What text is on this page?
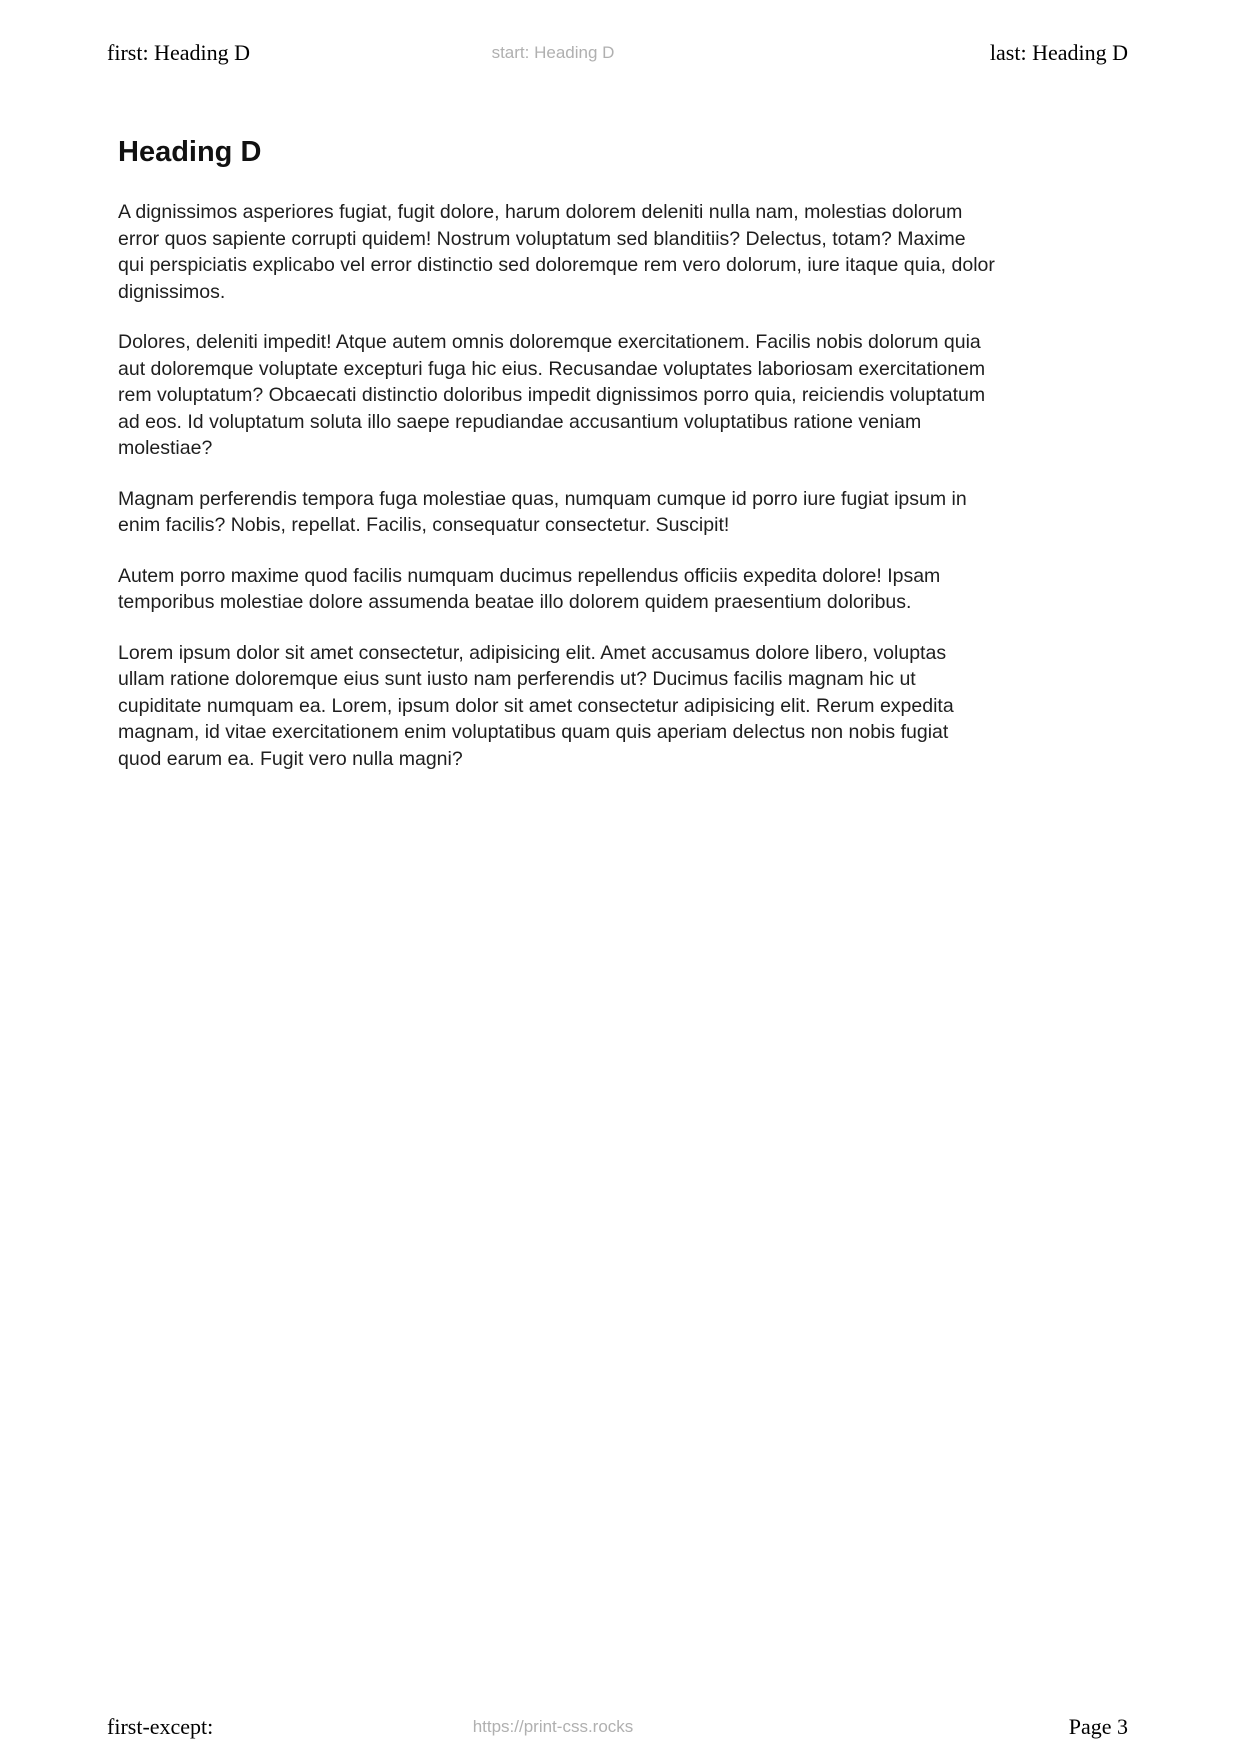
first: Heading D	start: Heading D	last: Heading D
Heading D

A dignissimos asperiores fugiat, fugit dolore, harum dolorem deleniti nulla nam, molestias dolorum error quos sapiente corrupti quidem! Nostrum voluptatum sed blanditiis? Delectus, totam? Maxime qui perspiciatis explicabo vel error distinctio sed doloremque rem vero dolorum, iure itaque quia, dolor dignissimos.

Dolores, deleniti impedit! Atque autem omnis doloremque exercitationem. Facilis nobis dolorum quia aut doloremque voluptate excepturi fuga hic eius. Recusandae voluptates laboriosam exercitationem rem voluptatum? Obcaecati distinctio doloribus impedit dignissimos porro quia, reiciendis voluptatum ad eos. Id voluptatum soluta illo saepe repudiandae accusantium voluptatibus ratione veniam molestiae?

Magnam perferendis tempora fuga molestiae quas, numquam cumque id porro iure fugiat ipsum in enim facilis? Nobis, repellat. Facilis, consequatur consectetur. Suscipit!

Autem porro maxime quod facilis numquam ducimus repellendus officiis expedita dolore! Ipsam temporibus molestiae dolore assumenda beatae illo dolorem quidem praesentium doloribus.

Lorem ipsum dolor sit amet consectetur, adipisicing elit. Amet accusamus dolore libero, voluptas ullam ratione doloremque eius sunt iusto nam perferendis ut? Ducimus facilis magnam hic ut cupiditate numquam ea. Lorem, ipsum dolor sit amet consectetur adipisicing elit. Rerum expedita magnam, id vitae exercitationem enim voluptatibus quam quis aperiam delectus non nobis fugiat quod earum ea. Fugit vero nulla magni?

first-except:	https://print-css.rocks	Page 3
